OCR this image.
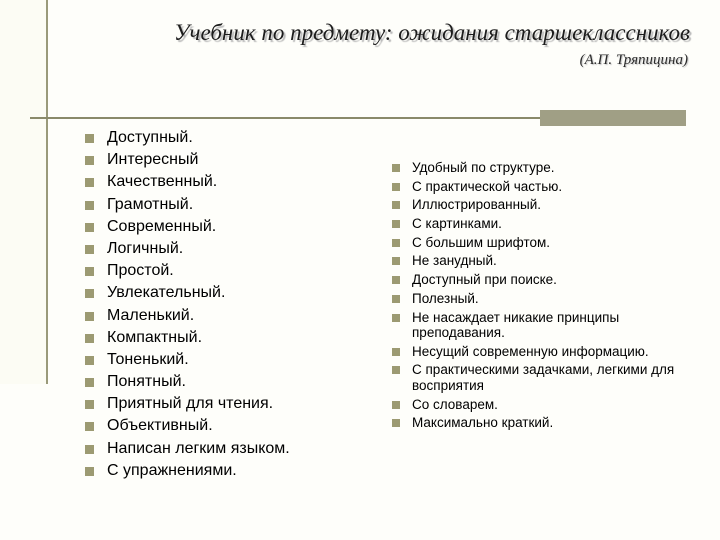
Учебник по предмету: ожидания старшеклассников
(А.П. Тряпицина)
Доступный.
Интересный
Качественный.
Грамотный.
Современный.
Логичный.
Простой.
Увлекательный.
Маленький.
Компактный.
Тоненький.
Понятный.
Приятный для чтения.
Объективный.
Написан легким языком.
С упражнениями.
Удобный по структуре.
С практической частью.
Иллюстрированный.
С картинками.
С большим шрифтом.
Не занудный.
Доступный при поиске.
Полезный.
Не насаждает никакие принципы преподавания.
Несущий современную информацию.
С практическими задачками, легкими для восприятия
Со словарем.
Максимально краткий.
